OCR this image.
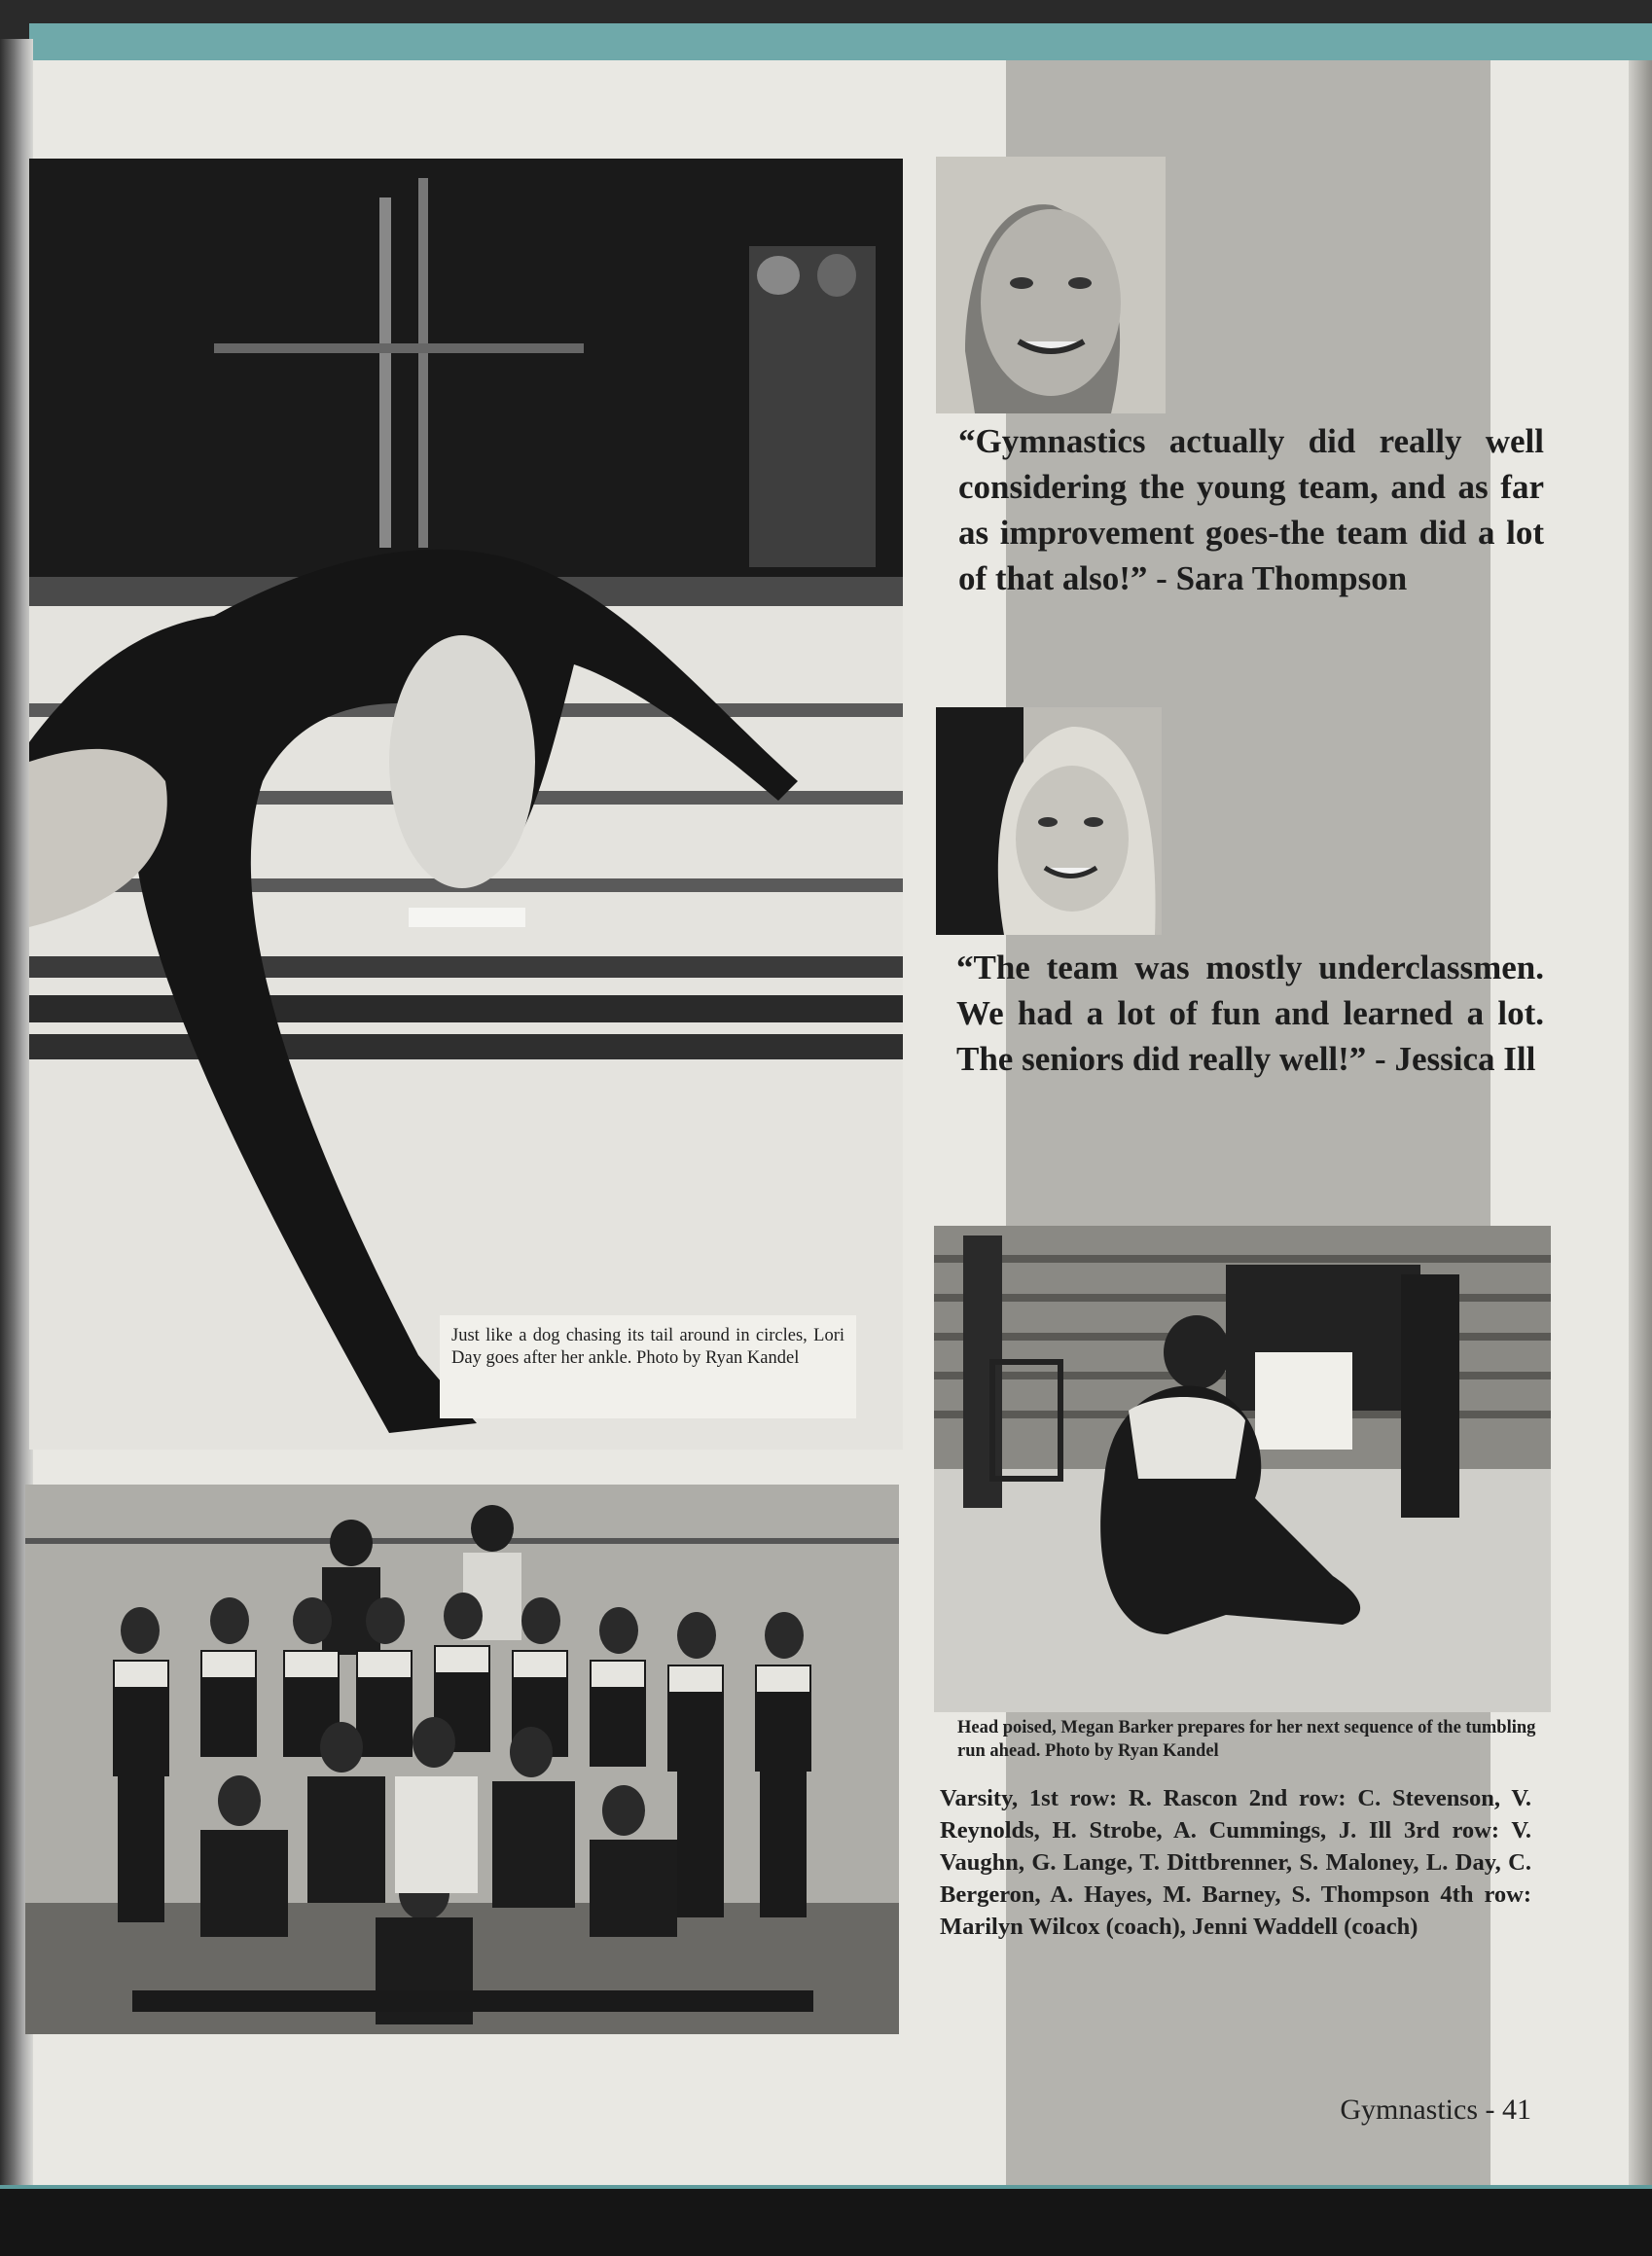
Just like a dog chasing its tail around in circles, Lori Day goes after her ankle. Photo by Ryan Kandel
“Gymnastics actually did really well considering the young team, and as far as improvement goes-the team did a lot of that also!” - Sara Thompson
“The team was mostly underclassmen. We had a lot of fun and learned a lot. The seniors did really well!” - Jessica Ill
Head poised, Megan Barker prepares for her next sequence of the tumbling run ahead. Photo by Ryan Kandel
Varsity, 1st row: R. Rascon 2nd row: C. Stevenson, V. Reynolds, H. Strobe, A. Cummings, J. Ill 3rd row: V. Vaughn, G. Lange, T. Dittbrenner, S. Maloney, L. Day, C. Bergeron, A. Hayes, M. Barney, S. Thompson 4th row: Marilyn Wilcox (coach), Jenni Waddell (coach)
Gymnastics - 41
